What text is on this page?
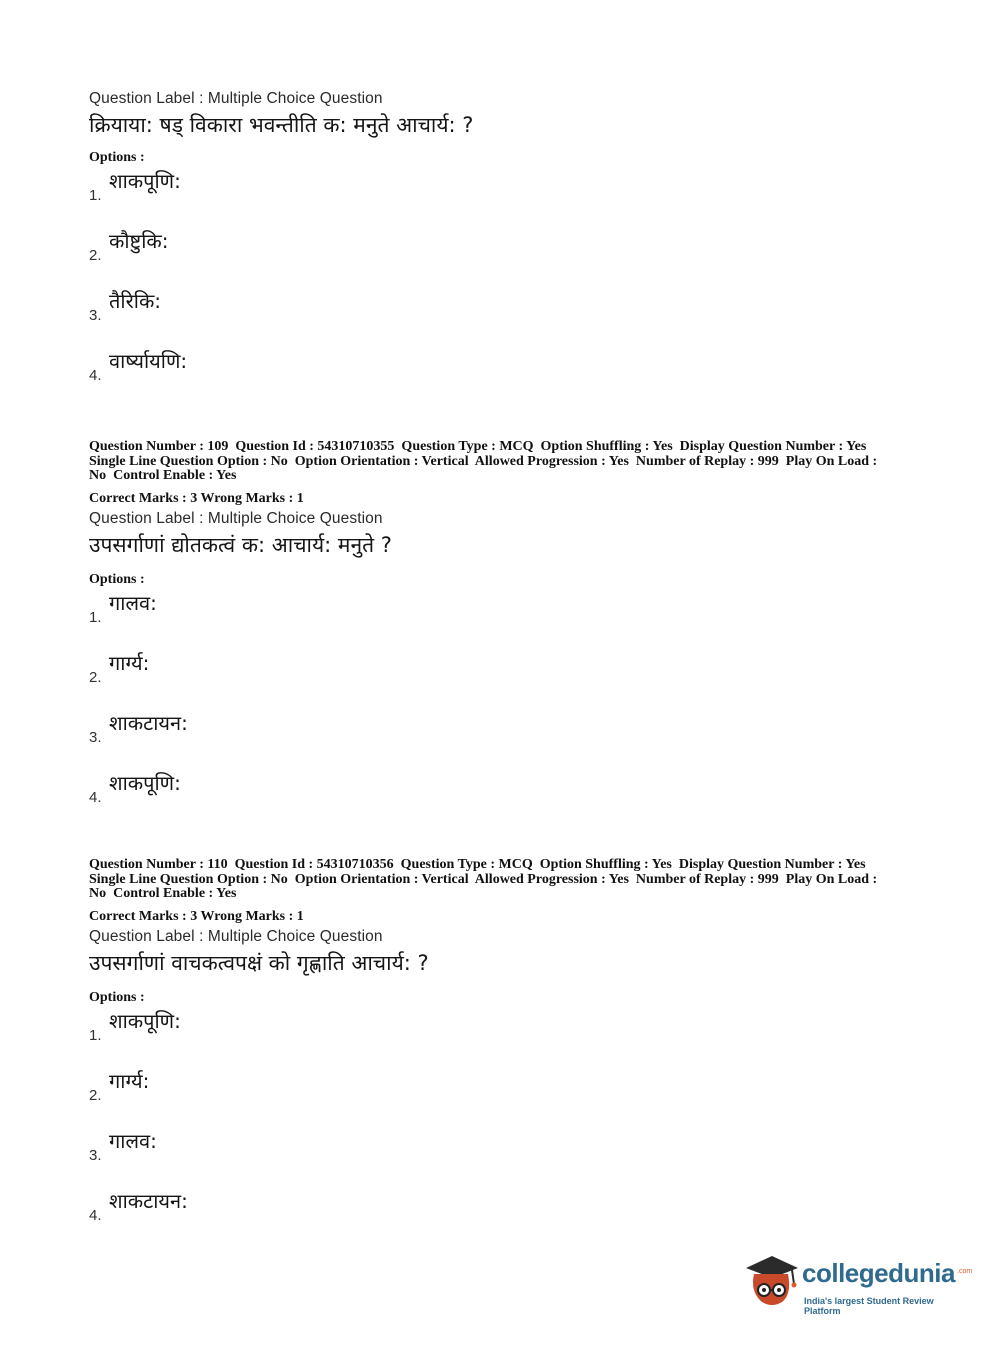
Question Label : Multiple Choice Question
क्रियाया: षड् विकारा भवन्तीति क: मनुते आचार्य: ?
Options :
1.
शाकपूणि:
2.
कौष्टुकि:
3.
तैरिकि:
4.
वार्ष्यायणि:
Question Number : 109  Question Id : 54310710355  Question Type : MCQ  Option Shuffling : Yes  Display Question Number : Yes
Single Line Question Option : No  Option Orientation : Vertical  Allowed Progression : Yes  Number of Replay : 999  Play On Load :
No  Control Enable : Yes
Correct Marks : 3 Wrong Marks : 1
Question Label : Multiple Choice Question
उपसर्गाणां द्योतकत्वं क: आचार्य: मनुते ?
Options :
1.
गालव:
2.
गार्ग्य:
3.
शाकटायन:
4.
शाकपूणि:
Question Number : 110  Question Id : 54310710356  Question Type : MCQ  Option Shuffling : Yes  Display Question Number : Yes
Single Line Question Option : No  Option Orientation : Vertical  Allowed Progression : Yes  Number of Replay : 999  Play On Load :
No  Control Enable : Yes
Correct Marks : 3 Wrong Marks : 1
Question Label : Multiple Choice Question
उपसर्गाणां वाचकत्वपक्षं को गृह्णाति आचार्य: ?
Options :
1.
शाकपूणि:
2.
गार्ग्य:
3.
गालव:
4.
शाकटायन:
collegedunia .com
India's largest Student Review Platform
